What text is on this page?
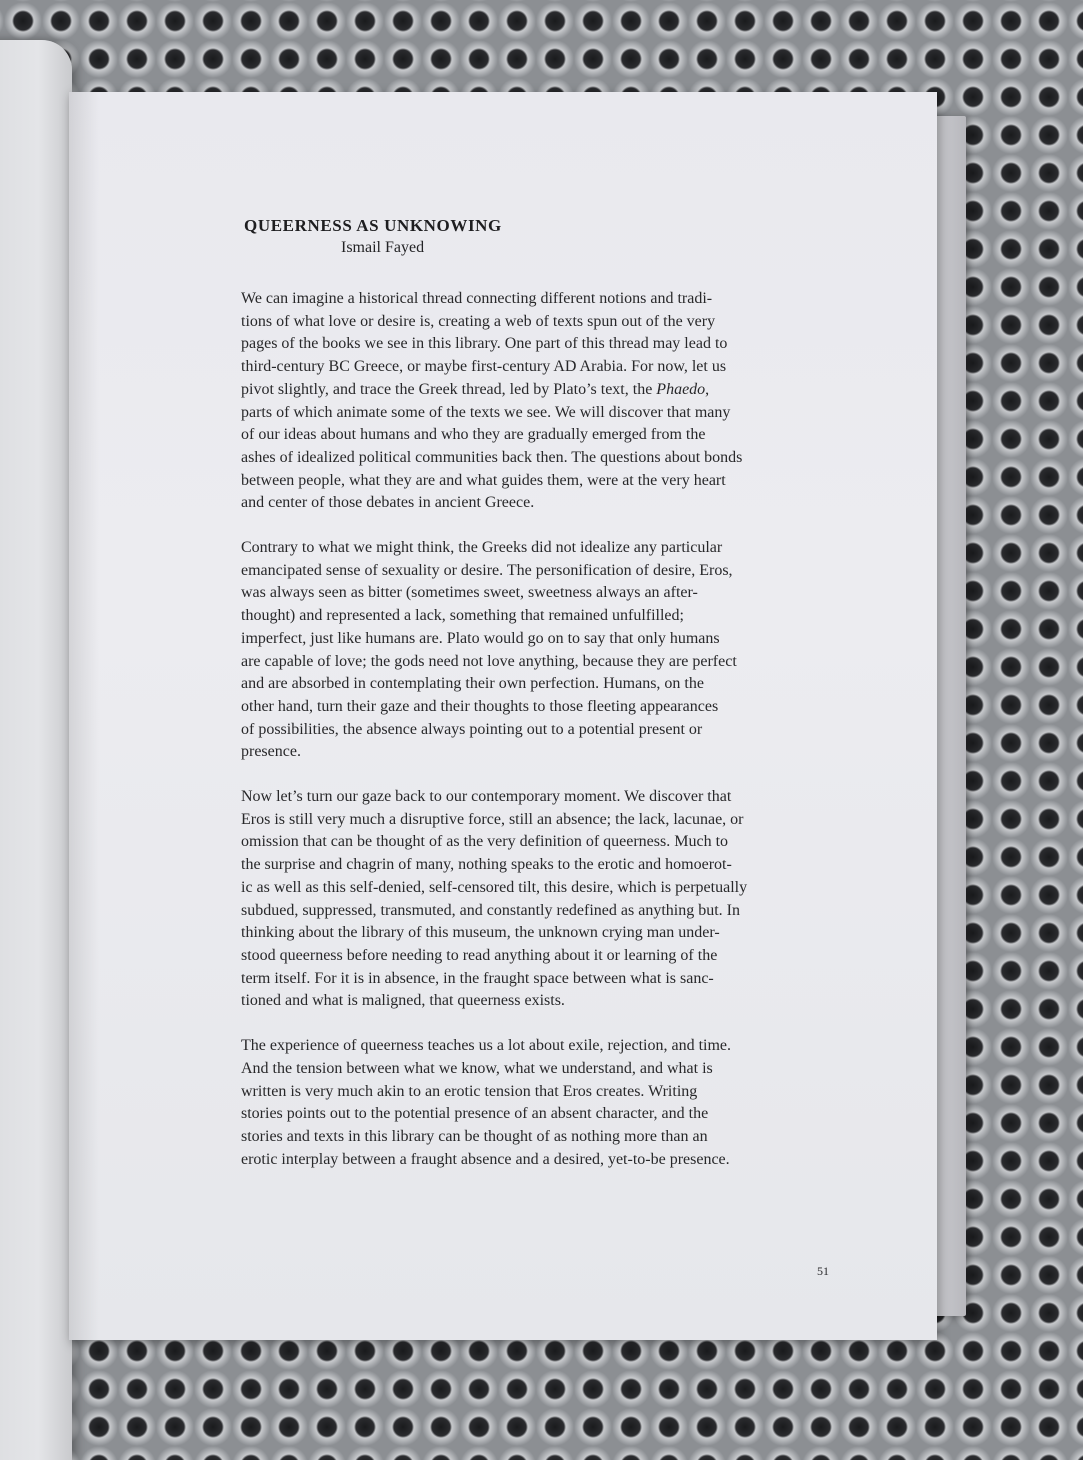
QUEERNESS AS UNKNOWING
Ismail Fayed

We can imagine a historical thread connecting different notions and tradi-
tions of what love or desire is, creating a web of texts spun out of the very
pages of the books we see in this library. One part of this thread may lead to
third-century BC Greece, or maybe first-century AD Arabia. For now, let us
pivot slightly, and trace the Greek thread, led by Plato’s text, the Phaedo,
parts of which animate some of the texts we see. We will discover that many
of our ideas about humans and who they are gradually emerged from the
ashes of idealized political communities back then. The questions about bonds
between people, what they are and what guides them, were at the very heart
and center of those debates in ancient Greece.

Contrary to what we might think, the Greeks did not idealize any particular
emancipated sense of sexuality or desire. The personification of desire, Eros,
was always seen as bitter (sometimes sweet, sweetness always an after-
thought) and represented a lack, something that remained unfulfilled;
imperfect, just like humans are. Plato would go on to say that only humans
are capable of love; the gods need not love anything, because they are perfect
and are absorbed in contemplating their own perfection. Humans, on the
other hand, turn their gaze and their thoughts to those fleeting appearances
of possibilities, the absence always pointing out to a potential present or
presence.

Now let’s turn our gaze back to our contemporary moment. We discover that
Eros is still very much a disruptive force, still an absence; the lack, lacunae, or
omission that can be thought of as the very definition of queerness. Much to
the surprise and chagrin of many, nothing speaks to the erotic and homoerot-
ic as well as this self-denied, self-censored tilt, this desire, which is perpetually
subdued, suppressed, transmuted, and constantly redefined as anything but. In
thinking about the library of this museum, the unknown crying man under-
stood queerness before needing to read anything about it or learning of the
term itself. For it is in absence, in the fraught space between what is sanc-
tioned and what is maligned, that queerness exists.

The experience of queerness teaches us a lot about exile, rejection, and time.
And the tension between what we know, what we understand, and what is
written is very much akin to an erotic tension that Eros creates. Writing
stories points out to the potential presence of an absent character, and the
stories and texts in this library can be thought of as nothing more than an
erotic interplay between a fraught absence and a desired, yet-to-be presence.

51
